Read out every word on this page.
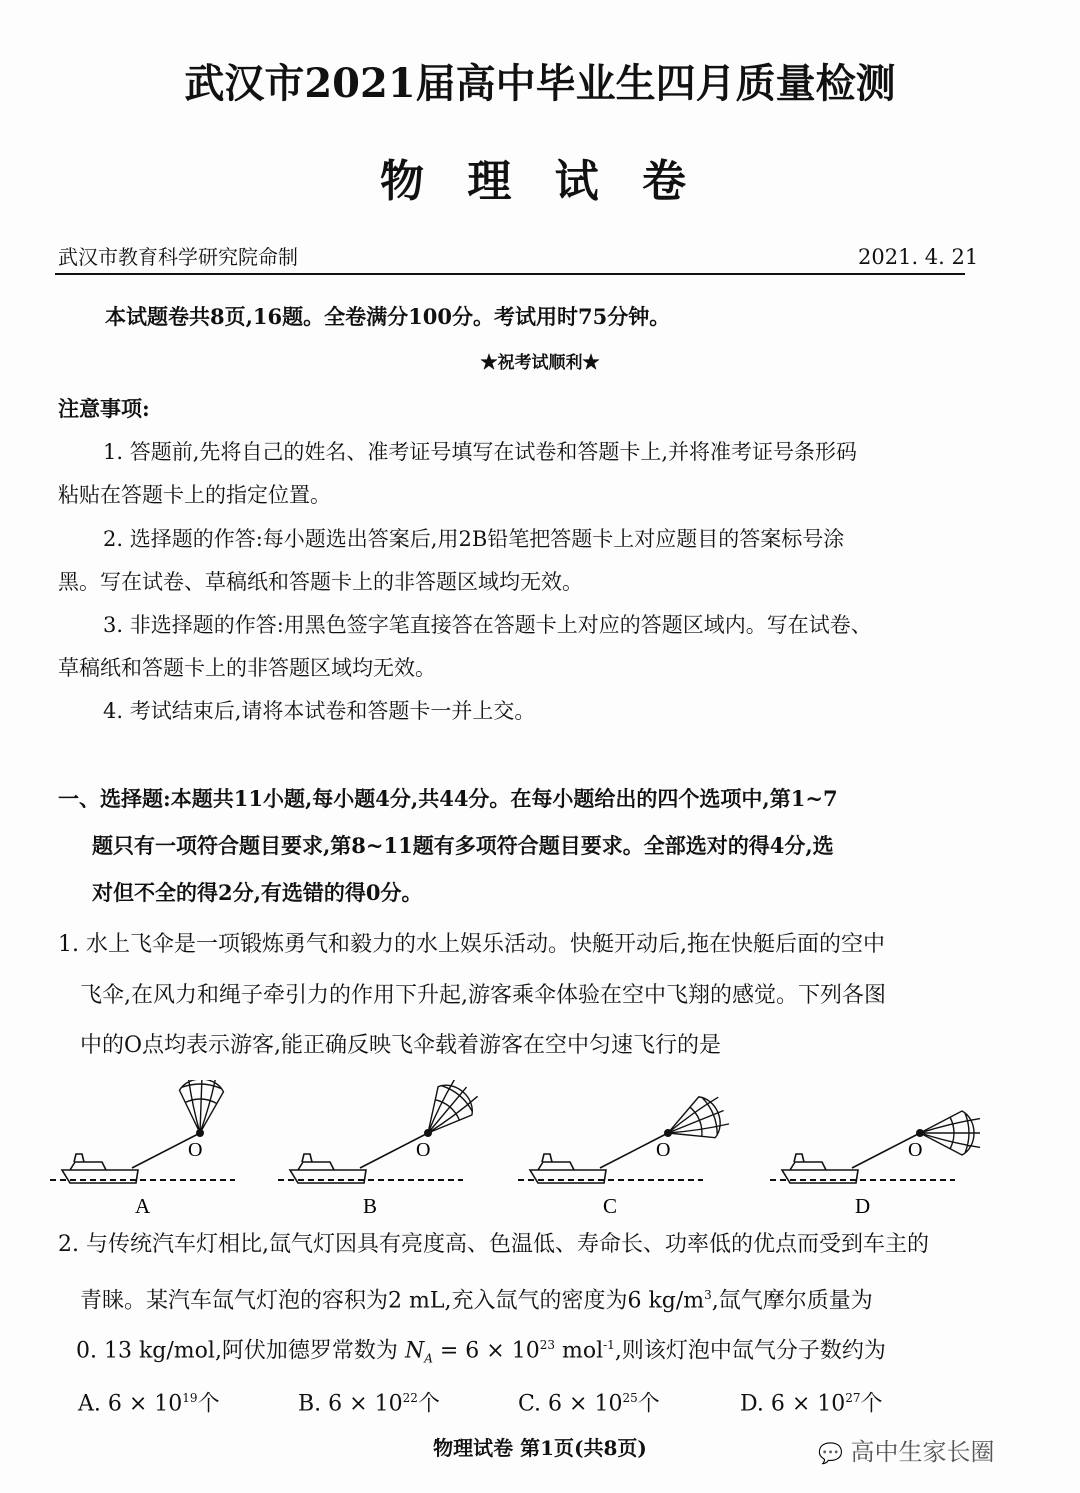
武汉市2021届高中毕业生四月质量检测
物 理 试 卷
武汉市教育科学研究院命制	2021. 4. 21
本试题卷共8页,16题。全卷满分100分。考试用时75分钟。
★祝考试顺利★
注意事项:
1. 答题前,先将自己的姓名、准考证号填写在试卷和答题卡上,并将准考证号条形码
粘贴在答题卡上的指定位置。
2. 选择题的作答:每小题选出答案后,用2B铅笔把答题卡上对应题目的答案标号涂
黑。写在试卷、草稿纸和答题卡上的非答题区域均无效。
3. 非选择题的作答:用黑色签字笔直接答在答题卡上对应的答题区域内。写在试卷、
草稿纸和答题卡上的非答题区域均无效。
4. 考试结束后,请将本试卷和答题卡一并上交。
一、选择题:本题共11小题,每小题4分,共44分。在每小题给出的四个选项中,第1~7
题只有一项符合题目要求,第8~11题有多项符合题目要求。全部选对的得4分,选
对但不全的得2分,有选错的得0分。
1. 水上飞伞是一项锻炼勇气和毅力的水上娱乐活动。快艇开动后,拖在快艇后面的空中
飞伞,在风力和绳子牵引力的作用下升起,游客乘伞体验在空中飞翔的感觉。下列各图
中的O点均表示游客,能正确反映飞伞载着游客在空中匀速飞行的是
O
A
O
B
O
C
O
D
2. 与传统汽车灯相比,氙气灯因具有亮度高、色温低、寿命长、功率低的优点而受到车主的
青睐。某汽车氙气灯泡的容积为2 mL,充入氙气的密度为6 $kg/m^3$,氙气摩尔质量为
0. 13 kg/mol,阿伏加德罗常数为 $N_A = 6 \times 10^{23}$ mol$^{-1}$,则该灯泡中氙气分子数约为
A. $6 \times 10^{19}$个	B. $6 \times 10^{22}$个	C. $6 \times 10^{25}$个	D. $6 \times 10^{27}$个
物理试卷 第1页(共8页)	💬 高中生家长圈
